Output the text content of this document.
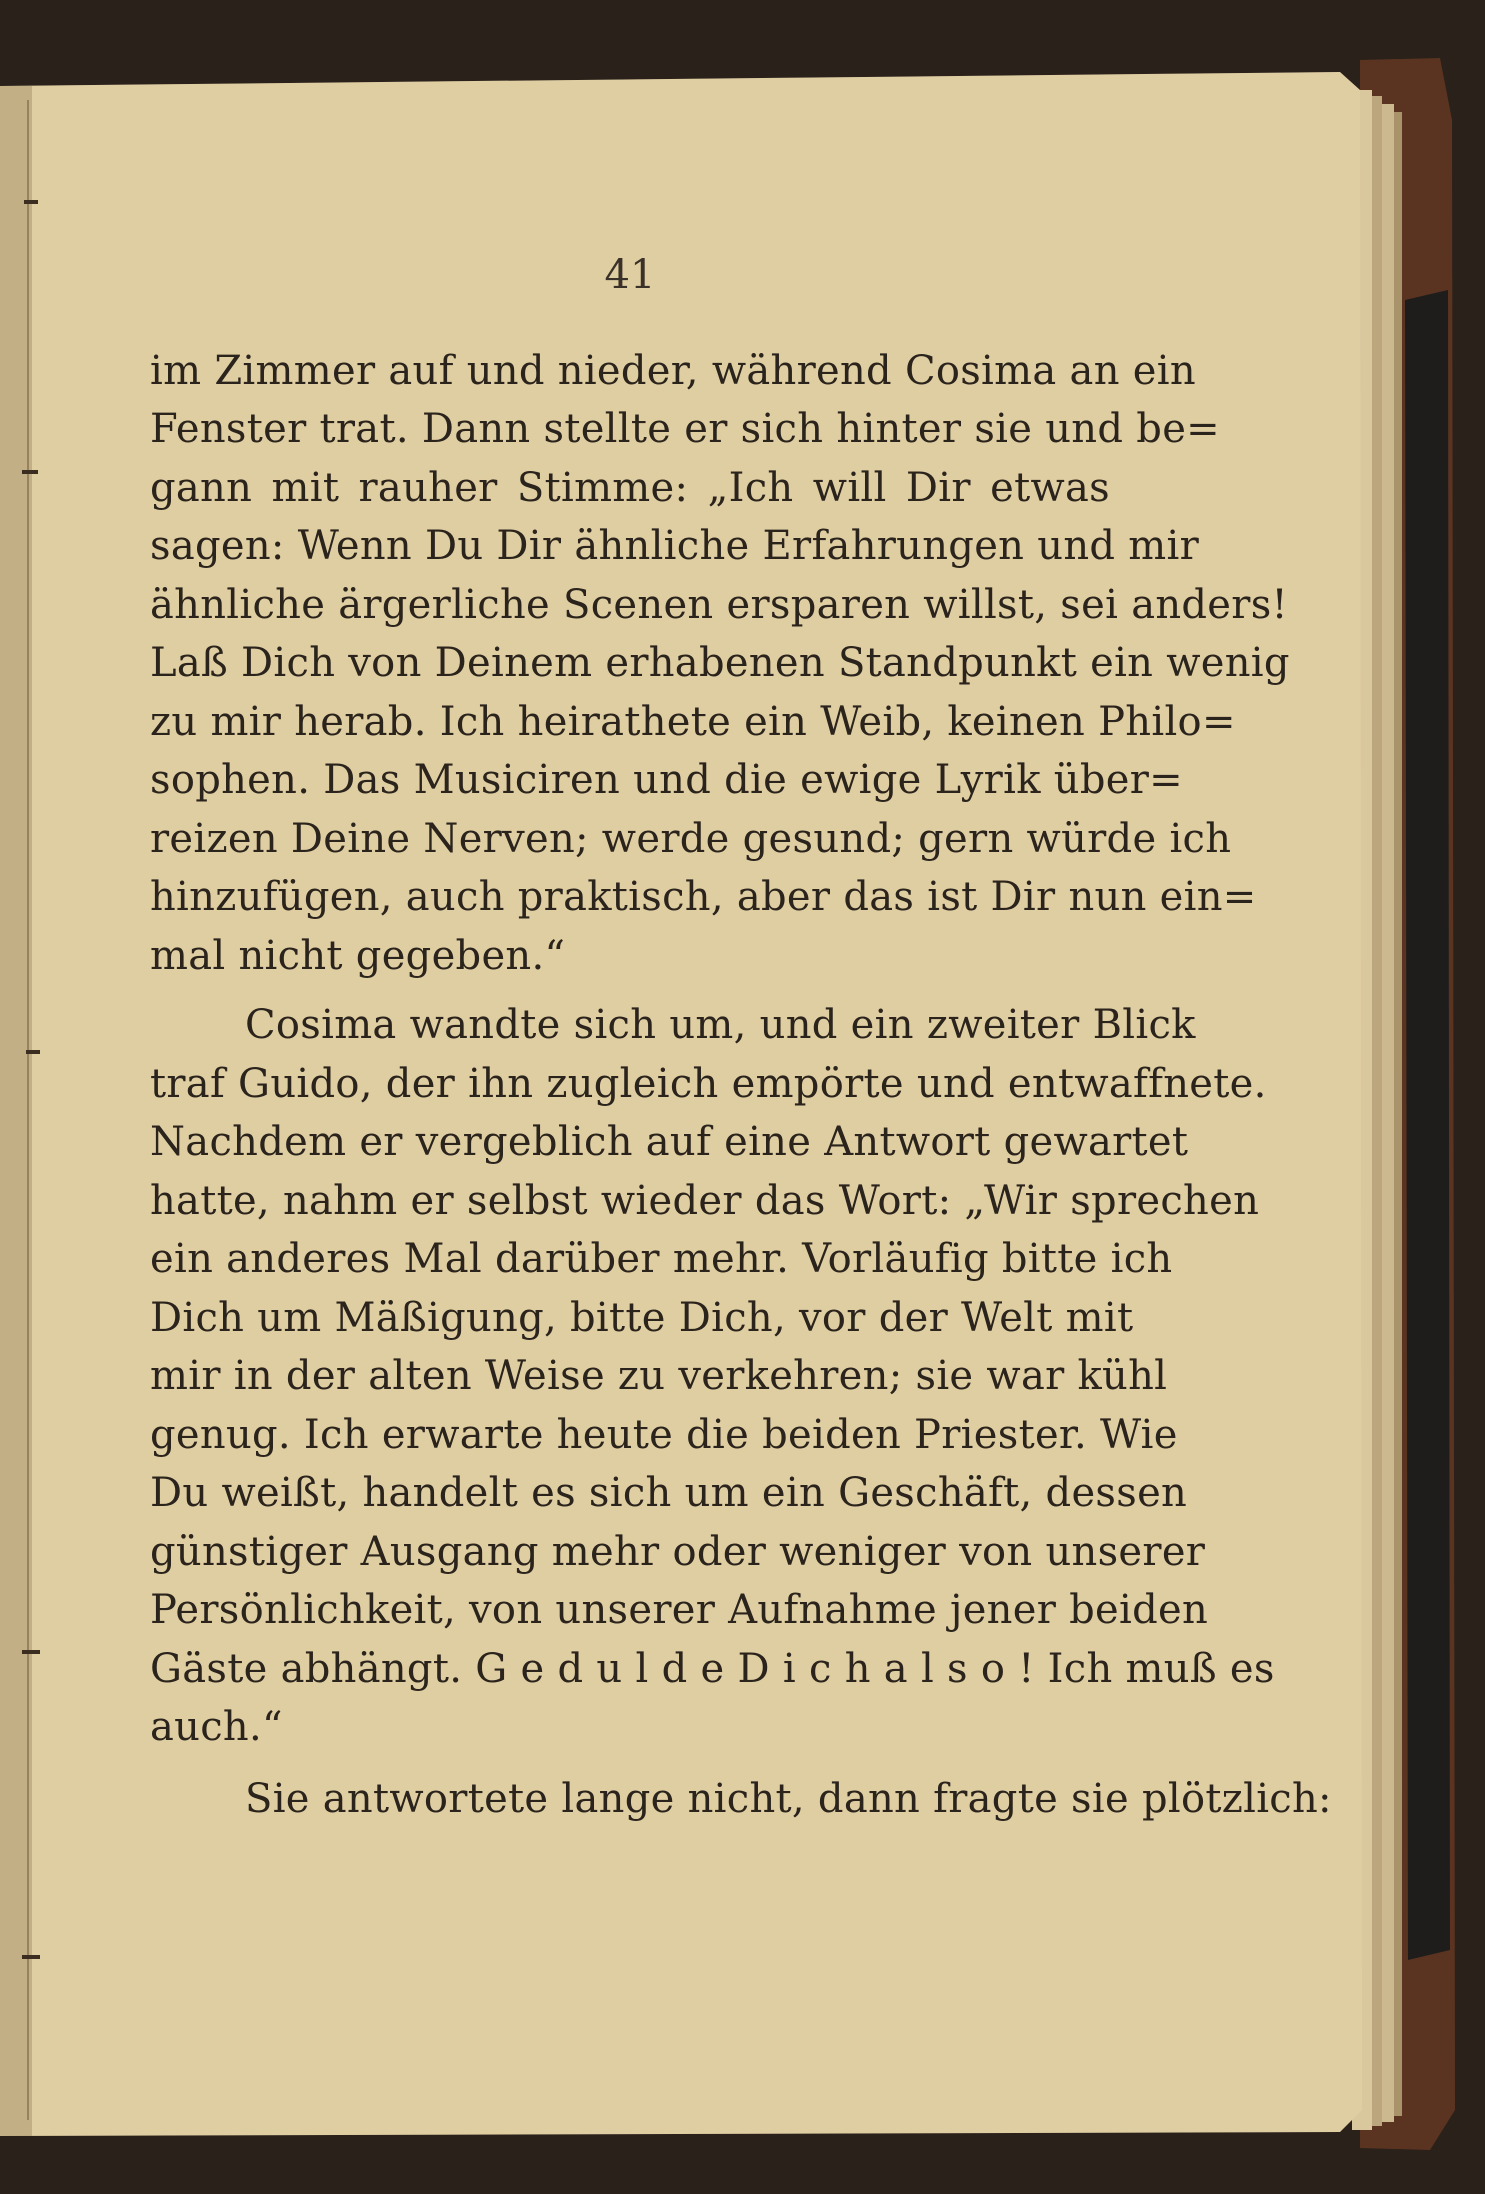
41
im Zimmer auf und nieder, während Cosima an ein
Fenster trat. Dann stellte er sich hinter sie und be=
gann mit rauher Stimme: „Ich will Dir etwas
sagen: Wenn Du Dir ähnliche Erfahrungen und mir
ähnliche ärgerliche Scenen ersparen willst, sei anders!
Laß Dich von Deinem erhabenen Standpunkt ein wenig
zu mir herab. Ich heirathete ein Weib, keinen Philo=
sophen. Das Musiciren und die ewige Lyrik über=
reizen Deine Nerven; werde gesund; gern würde ich
hinzufügen, auch praktisch, aber das ist Dir nun ein=
mal nicht gegeben.“
Cosima wandte sich um, und ein zweiter Blick
traf Guido, der ihn zugleich empörte und entwaffnete.
Nachdem er vergeblich auf eine Antwort gewartet
hatte, nahm er selbst wieder das Wort: „Wir sprechen
ein anderes Mal darüber mehr. Vorläufig bitte ich
Dich um Mäßigung, bitte Dich, vor der Welt mit
mir in der alten Weise zu verkehren; sie war kühl
genug. Ich erwarte heute die beiden Priester. Wie
Du weißt, handelt es sich um ein Geschäft, dessen
günstiger Ausgang mehr oder weniger von unserer
Persönlichkeit, von unserer Aufnahme jener beiden
Gäste abhängt. G e d u l d e D i c h a l s o ! Ich muß es
auch.“
Sie antwortete lange nicht, dann fragte sie plötzlich:
